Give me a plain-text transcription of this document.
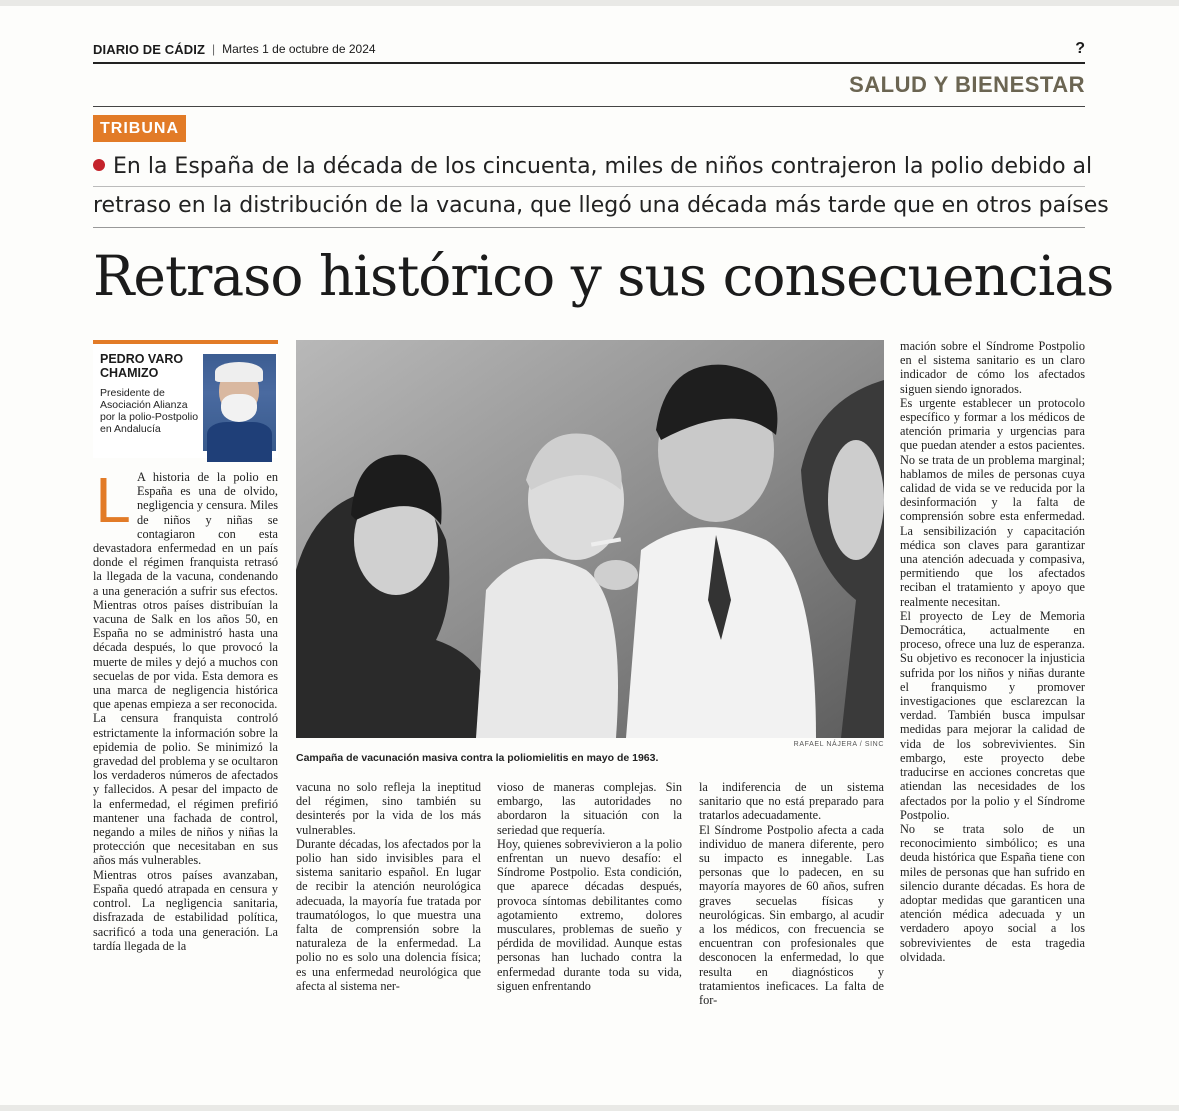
DIARIO DE CÁDIZ | Martes 1 de octubre de 2024	?
SALUD Y BIENESTAR
TRIBUNA
En la España de la década de los cincuenta, miles de niños contrajeron la polio debido al
retraso en la distribución de la vacuna, que llegó una década más tarde que en otros países
Retraso histórico y sus consecuencias
PEDRO VARO CHAMIZO
Presidente de Asociación Alianza por la polio-Postpolio en Andalucía
L A historia de la polio en España es una de olvido, negligencia y censura. Miles de niños y niñas se contagiaron con esta devastadora enfermedad en un país donde el régimen franquista retrasó la llegada de la vacuna, condenando a una generación a sufrir sus efectos. Mientras otros países distribuían la vacuna de Salk en los años 50, en España no se administró hasta una década después, lo que provocó la muerte de miles y dejó a muchos con secuelas de por vida. Esta demora es una marca de negligencia histórica que apenas empieza a ser reconocida.
La censura franquista controló estrictamente la información sobre la epidemia de polio. Se minimizó la gravedad del problema y se ocultaron los verdaderos números de afectados y fallecidos. A pesar del impacto de la enfermedad, el régimen prefirió mantener una fachada de control, negando a miles de niños y niñas la protección que necesitaban en sus años más vulnerables.
Mientras otros países avanzaban, España quedó atrapada en censura y control. La negligencia sanitaria, disfrazada de estabilidad política, sacrificó a toda una generación. La tardía llegada de la
RAFAEL NÁJERA / SINC
Campaña de vacunación masiva contra la poliomielitis en mayo de 1963.
vacuna no solo refleja la ineptitud del régimen, sino también su desinterés por la vida de los más vulnerables.
Durante décadas, los afectados por la polio han sido invisibles para el sistema sanitario español. En lugar de recibir la atención neurológica adecuada, la mayoría fue tratada por traumatólogos, lo que muestra una falta de comprensión sobre la naturaleza de la enfermedad. La polio no es solo una dolencia física; es una enfermedad neurológica que afecta al sistema ner-
vioso de maneras complejas. Sin embargo, las autoridades no abordaron la situación con la seriedad que requería.
Hoy, quienes sobrevivieron a la polio enfrentan un nuevo desafío: el Síndrome Postpolio. Esta condición, que aparece décadas después, provoca síntomas debilitantes como agotamiento extremo, dolores musculares, problemas de sueño y pérdida de movilidad. Aunque estas personas han luchado contra la enfermedad durante toda su vida, siguen enfrentando
la indiferencia de un sistema sanitario que no está preparado para tratarlos adecuadamente.
El Síndrome Postpolio afecta a cada individuo de manera diferente, pero su impacto es innegable. Las personas que lo padecen, en su mayoría mayores de 60 años, sufren graves secuelas físicas y neurológicas. Sin embargo, al acudir a los médicos, con frecuencia se encuentran con profesionales que desconocen la enfermedad, lo que resulta en diagnósticos y tratamientos ineficaces. La falta de for-
mación sobre el Síndrome Postpolio en el sistema sanitario es un claro indicador de cómo los afectados siguen siendo ignorados.
Es urgente establecer un protocolo específico y formar a los médicos de atención primaria y urgencias para que puedan atender a estos pacientes. No se trata de un problema marginal; hablamos de miles de personas cuya calidad de vida se ve reducida por la desinformación y la falta de comprensión sobre esta enfermedad. La sensibilización y capacitación médica son claves para garantizar una atención adecuada y compasiva, permitiendo que los afectados reciban el tratamiento y apoyo que realmente necesitan.
El proyecto de Ley de Memoria Democrática, actualmente en proceso, ofrece una luz de esperanza. Su objetivo es reconocer la injusticia sufrida por los niños y niñas durante el franquismo y promover investigaciones que esclarezcan la verdad. También busca impulsar medidas para mejorar la calidad de vida de los sobrevivientes. Sin embargo, este proyecto debe traducirse en acciones concretas que atiendan las necesidades de los afectados por la polio y el Síndrome Postpolio.
No se trata solo de un reconocimiento simbólico; es una deuda histórica que España tiene con miles de personas que han sufrido en silencio durante décadas. Es hora de adoptar medidas que garanticen una atención médica adecuada y un verdadero apoyo social a los sobrevivientes de esta tragedia olvidada.
